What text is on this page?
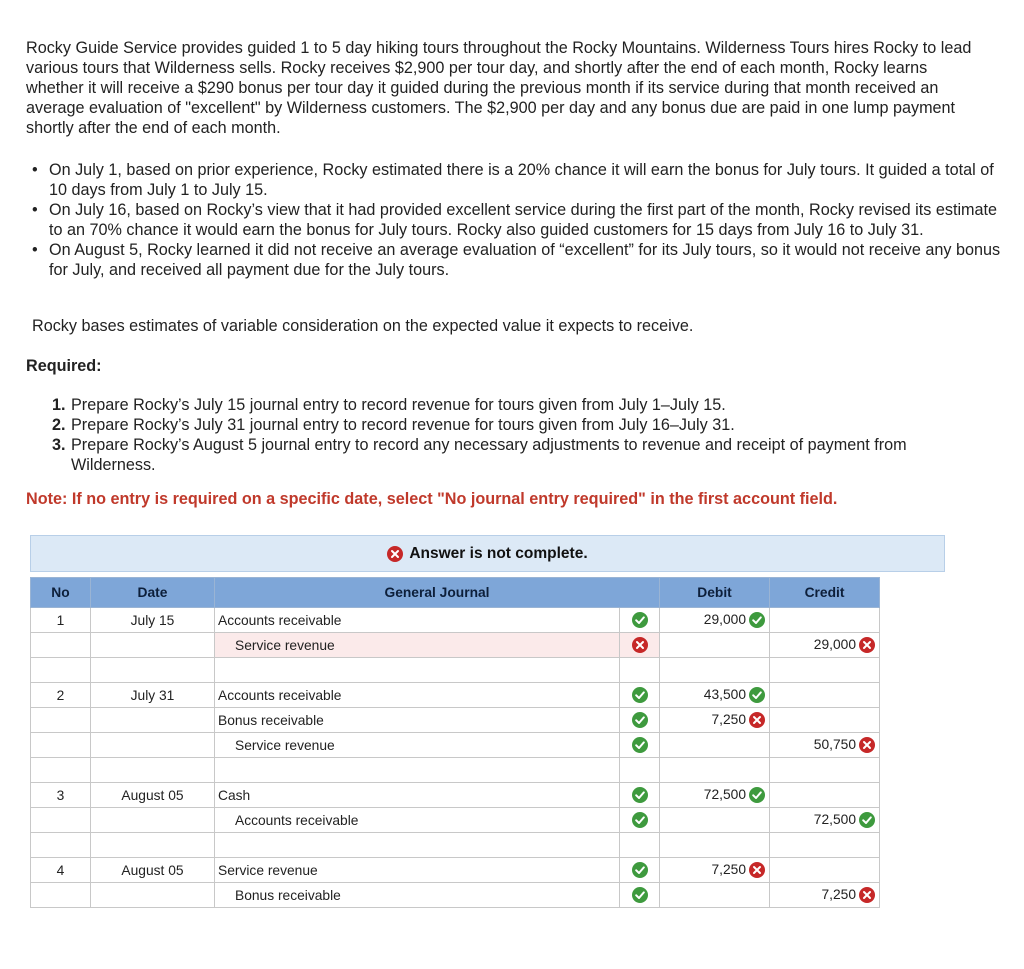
Rocky Guide Service provides guided 1 to 5 day hiking tours throughout the Rocky Mountains. Wilderness Tours hires Rocky to lead various tours that Wilderness sells. Rocky receives $2,900 per tour day, and shortly after the end of each month, Rocky learns whether it will receive a $290 bonus per tour day it guided during the previous month if its service during that month received an average evaluation of "excellent" by Wilderness customers. The $2,900 per day and any bonus due are paid in one lump payment shortly after the end of each month.
• On July 1, based on prior experience, Rocky estimated there is a 20% chance it will earn the bonus for July tours. It guided a total of 10 days from July 1 to July 15.
• On July 16, based on Rocky’s view that it had provided excellent service during the first part of the month, Rocky revised its estimate to an 70% chance it would earn the bonus for July tours. Rocky also guided customers for 15 days from July 16 to July 31.
• On August 5, Rocky learned it did not receive an average evaluation of “excellent” for its July tours, so it would not receive any bonus for July, and received all payment due for the July tours.
Rocky bases estimates of variable consideration on the expected value it expects to receive.
Required:
1. Prepare Rocky’s July 15 journal entry to record revenue for tours given from July 1–July 15.
2. Prepare Rocky’s July 31 journal entry to record revenue for tours given from July 16–July 31.
3. Prepare Rocky’s August 5 journal entry to record any necessary adjustments to revenue and receipt of payment from Wilderness.
Note: If no entry is required on a specific date, select "No journal entry required" in the first account field.
Answer is not complete.
No	Date	General Journal		Debit	Credit
1	July 15	Accounts receivable		29,000

		Service revenue			29,000

2	July 31	Accounts receivable		43,500

		Bonus receivable		7,250

		Service revenue			50,750

3	August 05	Cash		72,500

		Accounts receivable			72,500

4	August 05	Service revenue		7,250

		Bonus receivable			7,250
